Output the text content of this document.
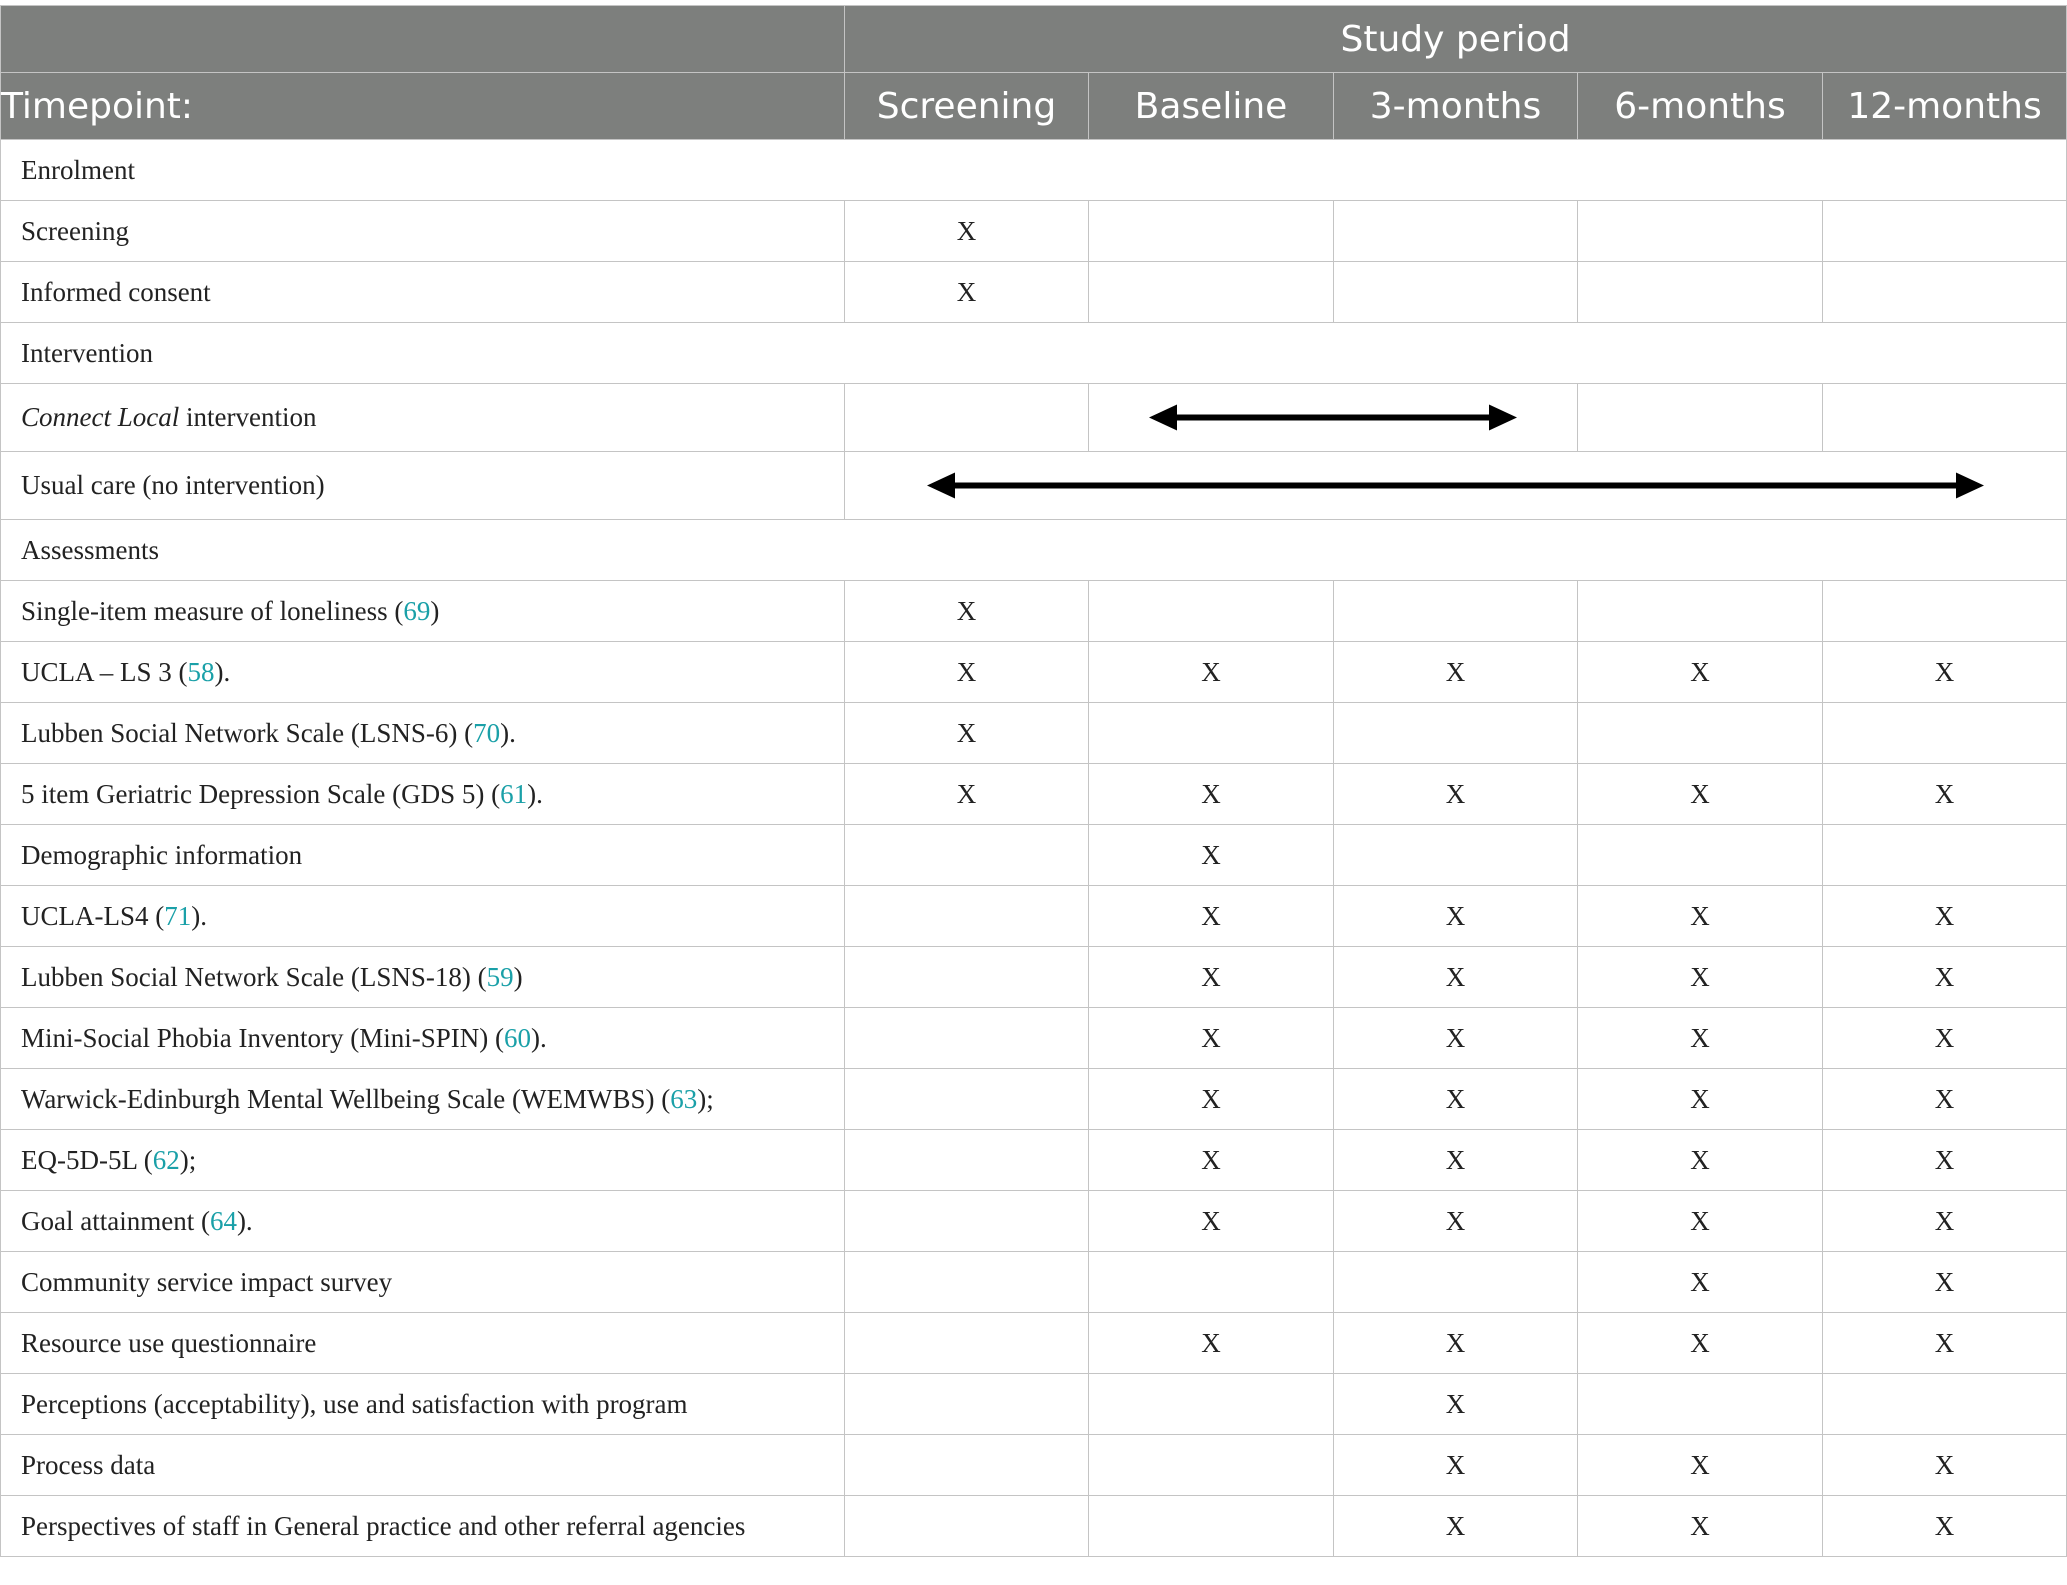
	Study period				
Timepoint:	Screening	Baseline	3-months	6-months	12-months
Enrolment					
Screening	X				
Informed consent	X				
Intervention					
Connect Local intervention		

Usual care (no intervention)	

Assessments					
Single-item measure of loneliness (69)	X				
UCLA – LS 3 (58).	X	X	X	X	X
Lubben Social Network Scale (LSNS-6) (70).	X				
5 item Geriatric Depression Scale (GDS 5) (61).	X	X	X	X	X
Demographic information		X			
UCLA-LS4 (71).		X	X	X	X
Lubben Social Network Scale (LSNS-18) (59)		X	X	X	X
Mini-Social Phobia Inventory (Mini-SPIN) (60).		X	X	X	X
Warwick-Edinburgh Mental Wellbeing Scale (WEMWBS) (63);		X	X	X	X
EQ-5D-5L (62);		X	X	X	X
Goal attainment (64).		X	X	X	X
Community service impact survey				X	X
Resource use questionnaire		X	X	X	X
Perceptions (acceptability), use and satisfaction with program			X		
Process data			X	X	X
Perspectives of staff in General practice and other referral agencies			X	X	X
